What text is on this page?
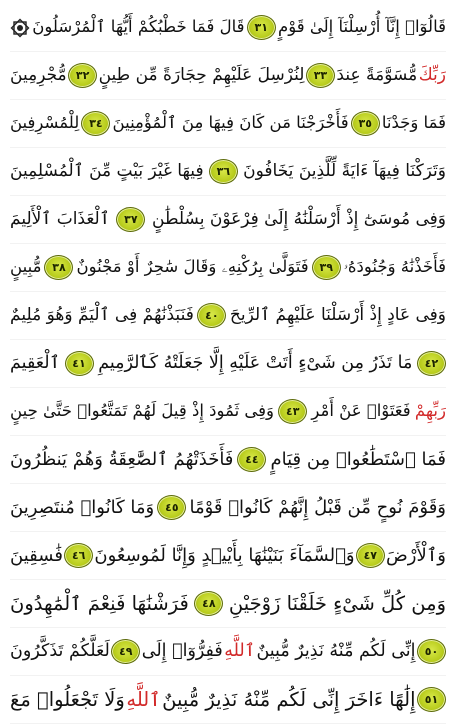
قَالَ فَمَا خَطْبُكُمْ أَيُّهَا ٱلْمُرْسَلُونَ ٣١ قَالُوٓا۟ إِنَّآ أُرْسِلْنَآ إِلَىٰ قَوْمٍ
مُّجْرِمِينَ ٣٢ لِنُرْسِلَ عَلَيْهِمْ حِجَارَةً مِّن طِينٍ ٣٣ مُّسَوَّمَةً عِندَ رَبِّكَ
لِلْمُسْرِفِينَ ٣٤ فَأَخْرَجْنَا مَن كَانَ فِيهَا مِنَ ٱلْمُؤْمِنِينَ ٣٥ فَمَا وَجَدْنَا
فِيهَا غَيْرَ بَيْتٍ مِّنَ ٱلْمُسْلِمِينَ	٣٦ وَتَرَكْنَا فِيهَآ ءَايَةً لِّلَّذِينَ يَخَافُونَ
ٱلْعَذَابَ ٱلْأَلِيمَ	٣٧ وَفِى مُوسَىٰٓ إِذْ أَرْسَلْنَٰهُ إِلَىٰ فِرْعَوْنَ بِسُلْطَٰنٍ
مُّبِينٍ ٣٨ فَتَوَلَّىٰ بِرُكْنِهِۦ وَقَالَ سَٰحِرٌ أَوْ مَجْنُونٌ ٣٩ فَأَخَذْنَٰهُ وَجُنُودَهُۥ
فَنَبَذْنَٰهُمْ فِى ٱلْيَمِّ وَهُوَ مُلِيمٌ	٤٠ وَفِى عَادٍ إِذْ أَرْسَلْنَا عَلَيْهِمُ ٱلرِّيحَ
ٱلْعَقِيمَ	٤١ مَا تَذَرُ مِن شَىْءٍ أَتَتْ عَلَيْهِ إِلَّا جَعَلَتْهُ كَٱلرَّمِيمِ	٤٢
وَفِى ثَمُودَ إِذْ قِيلَ لَهُمْ تَمَتَّعُوا۟ حَتَّىٰ حِينٍ	٤٣ فَعَتَوْا۟ عَنْ أَمْرِ رَبِّهِمْ
فَأَخَذَتْهُمُ ٱلصَّٰعِقَةُ وَهُمْ يَنظُرُونَ	٤٤ فَمَا ٱسْتَطَٰعُوا۟ مِن قِيَامٍ
وَمَا كَانُوا۟ مُنتَصِرِينَ ٤٥ وَقَوْمَ نُوحٍ مِّن قَبْلُ إِنَّهُمْ كَانُوا۟ قَوْمًا
فَٰسِقِينَ ٤٦ وَٱلسَّمَآءَ بَنَيْنَٰهَا بِأَيْي۟دٍ وَإِنَّا لَمُوسِعُونَ ٤٧ وَٱلْأَرْضَ
فَرَشْنَٰهَا فَنِعْمَ ٱلْمَٰهِدُونَ	٤٨ وَمِن كُلِّ شَىْءٍ خَلَقْنَا زَوْجَيْنِ
لَعَلَّكُمْ تَذَكَّرُونَ ٤٩ فَفِرُّوٓا۟ إِلَى ٱللَّهِ إِنِّى لَكُم مِّنْهُ نَذِيرٌ مُّبِينٌ ٥٠
وَلَا تَجْعَلُوا۟ مَعَ ٱللَّهِ إِلَٰهًا ءَاخَرَ إِنِّى لَكُم مِّنْهُ نَذِيرٌ مُّبِينٌ ٥١
